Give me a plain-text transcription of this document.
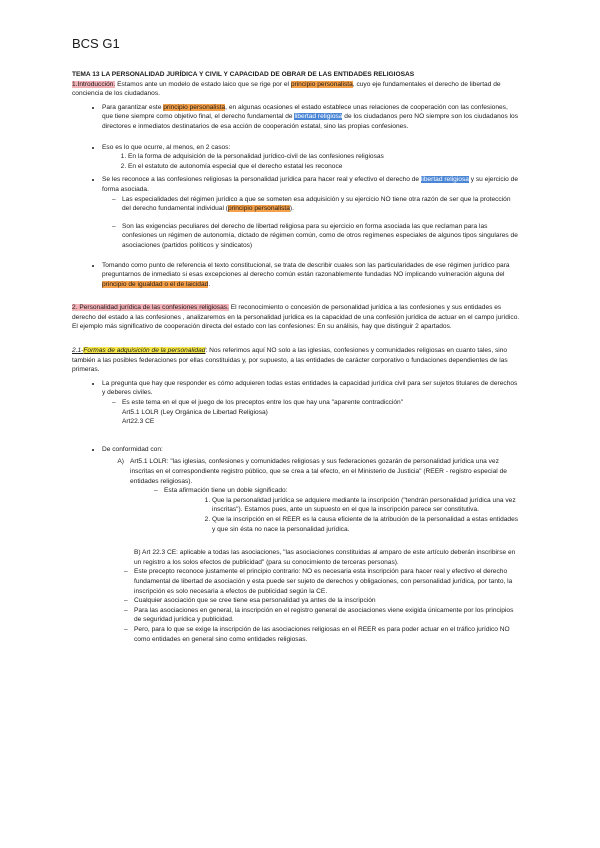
BCS G1

TEMA 13 LA PERSONALIDAD JURÍDICA Y CIVIL Y CAPACIDAD DE OBRAR DE LAS ENTIDADES RELIGIOSAS

1.Introducción. Estamos ante un modelo de estado laico que se rige por el principio personalista, cuyo eje fundamentales el derecho de libertad de conciencia de los ciudadanos.

• Para garantizar este principio personalista, en algunas ocasiones el estado establece unas relaciones de cooperación con las confesiones, que tiene siempre como objetivo final, el derecho fundamental de libertad religiosa de los ciudadanos pero NO siempre son los ciudadanos los directores e inmediatos destinatarios de esa acción de cooperación estatal, sino las propias confesiones.
• Eso es lo que ocurre, al menos, en 2 casos:
1. En la forma de adquisición de la personalidad jurídico-civil de las confesiones religiosas
2. En el estatuto de autonomía especial que el derecho estatal les reconoce
• Se les reconoce a las confesiones religiosas la personalidad jurídica para hacer real y efectivo el derecho de libertad religiosa y su ejercicio de forma asociada.
– Las especialidades del régimen jurídico a que se someten esa adquisición y su ejercicio NO tiene otra razón de ser que la protección del derecho fundamental individual (principio personalista).
– Son las exigencias peculiares del derecho de libertad religiosa para su ejercicio en forma asociada las que reclaman para las confesiones un régimen de autonomía, dictado de régimen común, como de otros regímenes especiales de algunos tipos singulares de asociaciones (partidos políticos y sindicatos)
• Tomando como punto de referencia el texto constitucional, se trata de describir cuales son las particularidades de ese régimen jurídico para preguntarnos de inmediato si esas excepciones al derecho común están razonablemente fundadas NO implicando vulneración alguna del principio de igualdad o el de laicidad.

2. Personalidad jurídica de las confesiones religiosas. El reconocimiento o concesión de personalidad jurídica a las confesiones y sus entidades es derecho del estado a las confesiones , analizaremos en la personalidad jurídica es la capacidad de una confesión jurídica de actuar en el campo jurídico.

El ejemplo más significativo de cooperación directa del estado con las confesiones: En su análisis, hay que distinguir 2 apartados.

2.1-Formas de adquisición de la personalidad: Nos referimos aquí NO solo a las iglesias, confesiones y comunidades religiosas en cuanto tales, sino también a las posibles federaciones por ellas constituidas y, por supuesto, a las entidades de carácter corporativo o fundaciones dependientes de las primeras.

• La pregunta que hay que responder es cómo adquieren todas estas entidades la capacidad jurídica civil para ser sujetos titulares de derechos y deberes civiles.
– Es este tema en el que el juego de los preceptos entre los que hay una "aparente contradicción"
Art5.1 LOLR (Ley Orgánica de Libertad Religiosa)
Art22.3 CE
• De conformidad con:
A) Art5.1 LOLR: "las iglesias, confesiones y comunidades religiosas y sus federaciones gozarán de personalidad jurídica una vez inscritas en el correspondiente registro público, que se crea a tal efecto, en el Ministerio de Justicia" (REER - registro especial de entidades religiosas).
– Esta afirmación tiene un doble significado:
1. Que la personalidad jurídica se adquiere mediante la inscripción ("tendrán personalidad jurídica una vez inscritas"). Estamos pues, ante un supuesto en el que la inscripción parece ser constitutiva.
2. Que la inscripción en el REER es la causa eficiente de la atribución de la personalidad a estas entidades y que sin ésta no nace la personalidad jurídica.

B) Art 22.3 CE: aplicable a todas las asociaciones, "las asociaciones constituidas al amparo de este artículo deberán inscribirse en un registro a los solos efectos de publicidad" (para su conocimiento de terceras personas).

– Este precepto reconoce justamente el principio contrario: NO es necesaria esta inscripción para hacer real y efectivo el derecho fundamental de libertad de asociación y esta puede ser sujeto de derechos y obligaciones, con personalidad jurídica, por tanto, la inscripción es solo necesaria a efectos de publicidad según la CE.
– Cualquier asociación que se cree tiene esa personalidad ya antes de la inscripción
– Para las asociaciones en general, la inscripción en el registro general de asociaciones viene exigida únicamente por los principios de seguridad jurídica y publicidad.
– Pero, para lo que se exige la inscripción de las asociaciones religiosas en el REER es para poder actuar en el tráfico jurídico NO como entidades en general sino como entidades religiosas.
